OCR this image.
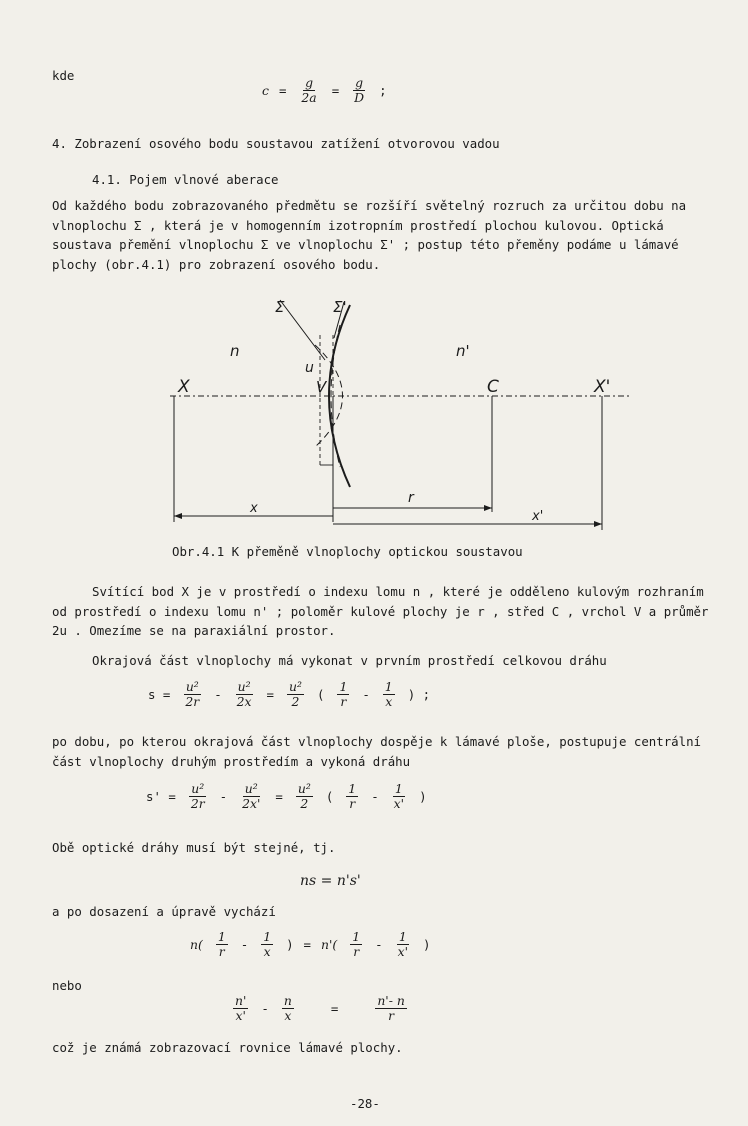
kde
$c = \frac{g}{2a} = \frac{g}{D}$ ;
4. Zobrazení osového bodu soustavou zatížení otvorovou vadou
4.1. Pojem vlnové aberace
Od každého bodu zobrazovaného předmětu se rozšíří světelný rozruch za určitou dobu na vlnoplochu Σ , která je v homogenním izotropním prostředí plochou kulovou. Optická soustava přemění vlnoplochu Σ ve vlnoplochu Σ' ; postup této přeměny podáme u lámavé plochy (obr.4.1) pro zobrazení osového bodu.
Σ	Σ'
n	n'
u
V
X	C	X'
x
r
x'
Obr.4.1 K přeměně vlnoplochy optickou soustavou
Svítící bod X je v prostředí o indexu lomu n , které je odděleno kulovým rozhraním od prostředí o indexu lomu n' ; poloměr kulové plochy je r , střed C , vrchol V a průměr 2u . Omezíme se na paraxiální prostor.
Okrajová část vlnoplochy má vykonat v prvním prostředí celkovou dráhu
$s = \frac{\text{u²}}{2r} - \frac{\text{u²}}{2x} = \frac{\text{u²}}{2}$ ( $\frac{1}{r} - \frac{1}{x}$ ) ;
po dobu, po kterou okrajová část vlnoplochy dospěje k lámavé ploše, postupuje centrální část vlnoplochy druhým prostředím a vykoná dráhu
$s' = \frac{\text{u²}}{2r} - \frac{\text{u²}}{2x'} = \frac{\text{u²}}{2}$ ( $\frac{1}{r} - \frac{1}{x'}$ )
Obě optické dráhy musí být stejné, tj.
ns = n's'
a po dosazení a úpravě vychází
$n( \frac{1}{r} - \frac{1}{x}$ ) = $n'( \frac{1}{r} - \frac{1}{x'}$ )
nebo
$\frac{n'}{x'} - \frac{n}{x}$	=	$\frac{n'- n}{r}$
což je známá zobrazovací rovnice lámavé plochy.
-28-
